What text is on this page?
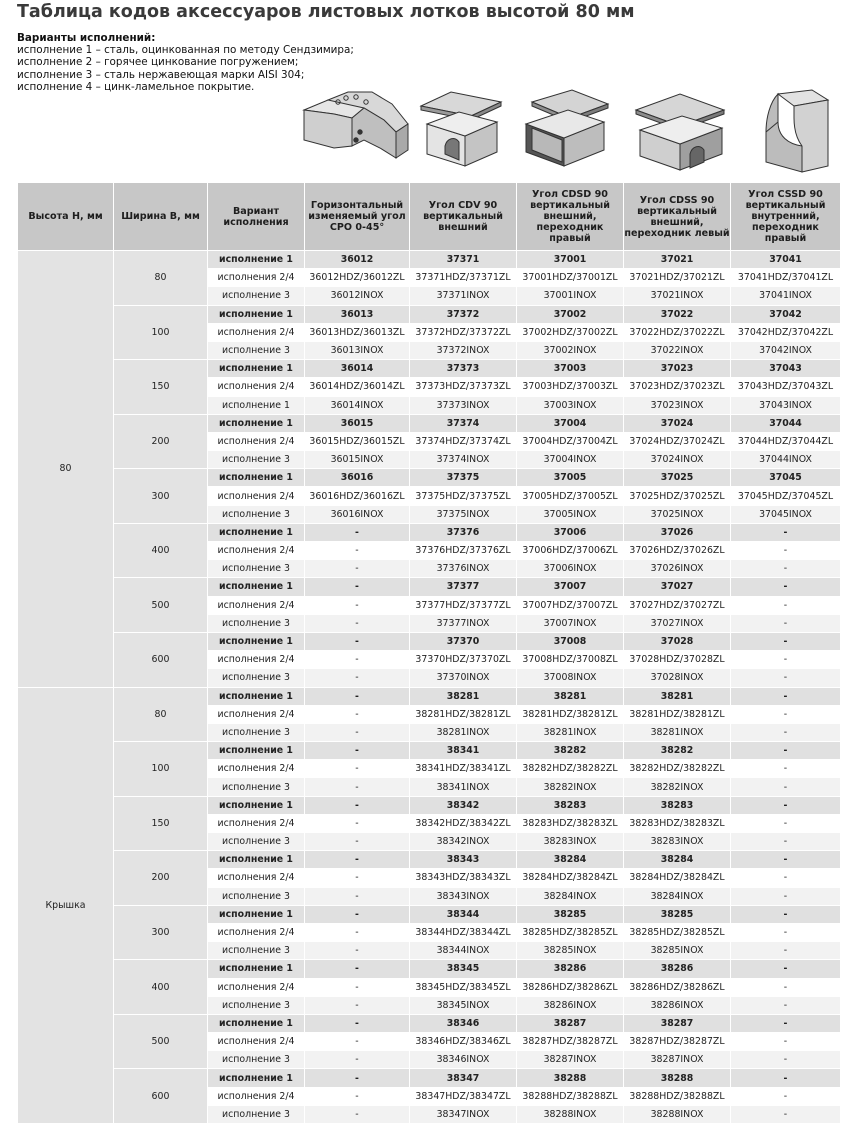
Таблица кодов аксессуаров листовых лотков высотой 80 мм
Варианты исполнений:
исполнение 1 – сталь, оцинкованная по методу Сендзимира;
исполнение 2 – горячее цинкование погружением;
исполнение 3 – сталь нержавеющая марки AISI 304;
исполнение 4 – цинк-ламельное покрытие.
Высота H, мм	Ширина B, мм	Вариант исполнения	Горизонтальный изменяемый угол CPO 0-45°	Угол CDV 90 вертикальный внешний	Угол CDSD 90 вертикальный внешний, переходник правый	Угол CDSS 90 вертикальный внешний, переходник левый	Угол CSSD 90 вертикальный внутренний, переходник правый
80	80	исполнение 1	36012	37371	37001	37021	37041
		исполнения 2/4	36012HDZ/36012ZL	37371HDZ/37371ZL	37001HDZ/37001ZL	37021HDZ/37021ZL	37041HDZ/37041ZL
		исполнение 3	36012INOX	37371INOX	37001INOX	37021INOX	37041INOX
	100	исполнение 1	36013	37372	37002	37022	37042
		исполнения 2/4	36013HDZ/36013ZL	37372HDZ/37372ZL	37002HDZ/37002ZL	37022HDZ/37022ZL	37042HDZ/37042ZL
		исполнение 3	36013INOX	37372INOX	37002INOX	37022INOX	37042INOX
	150	исполнение 1	36014	37373	37003	37023	37043
		исполнения 2/4	36014HDZ/36014ZL	37373HDZ/37373ZL	37003HDZ/37003ZL	37023HDZ/37023ZL	37043HDZ/37043ZL
		исполнение 1	36014INOX	37373INOX	37003INOX	37023INOX	37043INOX
	200	исполнение 1	36015	37374	37004	37024	37044
		исполнения 2/4	36015HDZ/36015ZL	37374HDZ/37374ZL	37004HDZ/37004ZL	37024HDZ/37024ZL	37044HDZ/37044ZL
		исполнение 3	36015INOX	37374INOX	37004INOX	37024INOX	37044INOX
	300	исполнение 1	36016	37375	37005	37025	37045
		исполнения 2/4	36016HDZ/36016ZL	37375HDZ/37375ZL	37005HDZ/37005ZL	37025HDZ/37025ZL	37045HDZ/37045ZL
		исполнение 3	36016INOX	37375INOX	37005INOX	37025INOX	37045INOX
	400	исполнение 1	-	37376	37006	37026	-
		исполнения 2/4	-	37376HDZ/37376ZL	37006HDZ/37006ZL	37026HDZ/37026ZL	-
		исполнение 3	-	37376INOX	37006INOX	37026INOX	-
	500	исполнение 1	-	37377	37007	37027	-
		исполнения 2/4	-	37377HDZ/37377ZL	37007HDZ/37007ZL	37027HDZ/37027ZL	-
		исполнение 3	-	37377INOX	37007INOX	37027INOX	-
	600	исполнение 1	-	37370	37008	37028	-
		исполнения 2/4	-	37370HDZ/37370ZL	37008HDZ/37008ZL	37028HDZ/37028ZL	-
		исполнение 3	-	37370INOX	37008INOX	37028INOX	-
Крышка	80	исполнение 1	-	38281	38281	38281	-
		исполнения 2/4	-	38281HDZ/38281ZL	38281HDZ/38281ZL	38281HDZ/38281ZL	-
		исполнение 3	-	38281INOX	38281INOX	38281INOX	-
	100	исполнение 1	-	38341	38282	38282	-
		исполнения 2/4	-	38341HDZ/38341ZL	38282HDZ/38282ZL	38282HDZ/38282ZL	-
		исполнение 3	-	38341INOX	38282INOX	38282INOX	-
	150	исполнение 1	-	38342	38283	38283	-
		исполнения 2/4	-	38342HDZ/38342ZL	38283HDZ/38283ZL	38283HDZ/38283ZL	-
		исполнение 3	-	38342INOX	38283INOX	38283INOX	-
	200	исполнение 1	-	38343	38284	38284	-
		исполнения 2/4	-	38343HDZ/38343ZL	38284HDZ/38284ZL	38284HDZ/38284ZL	-
		исполнение 3	-	38343INOX	38284INOX	38284INOX	-
	300	исполнение 1	-	38344	38285	38285	-
		исполнения 2/4	-	38344HDZ/38344ZL	38285HDZ/38285ZL	38285HDZ/38285ZL	-
		исполнение 3	-	38344INOX	38285INOX	38285INOX	-
	400	исполнение 1	-	38345	38286	38286	-
		исполнения 2/4	-	38345HDZ/38345ZL	38286HDZ/38286ZL	38286HDZ/38286ZL	-
		исполнение 3	-	38345INOX	38286INOX	38286INOX	-
	500	исполнение 1	-	38346	38287	38287	-
		исполнения 2/4	-	38346HDZ/38346ZL	38287HDZ/38287ZL	38287HDZ/38287ZL	-
		исполнение 3	-	38346INOX	38287INOX	38287INOX	-
	600	исполнение 1	-	38347	38288	38288	-
		исполнения 2/4	-	38347HDZ/38347ZL	38288HDZ/38288ZL	38288HDZ/38288ZL	-
		исполнение 3	-	38347INOX	38288INOX	38288INOX	-
